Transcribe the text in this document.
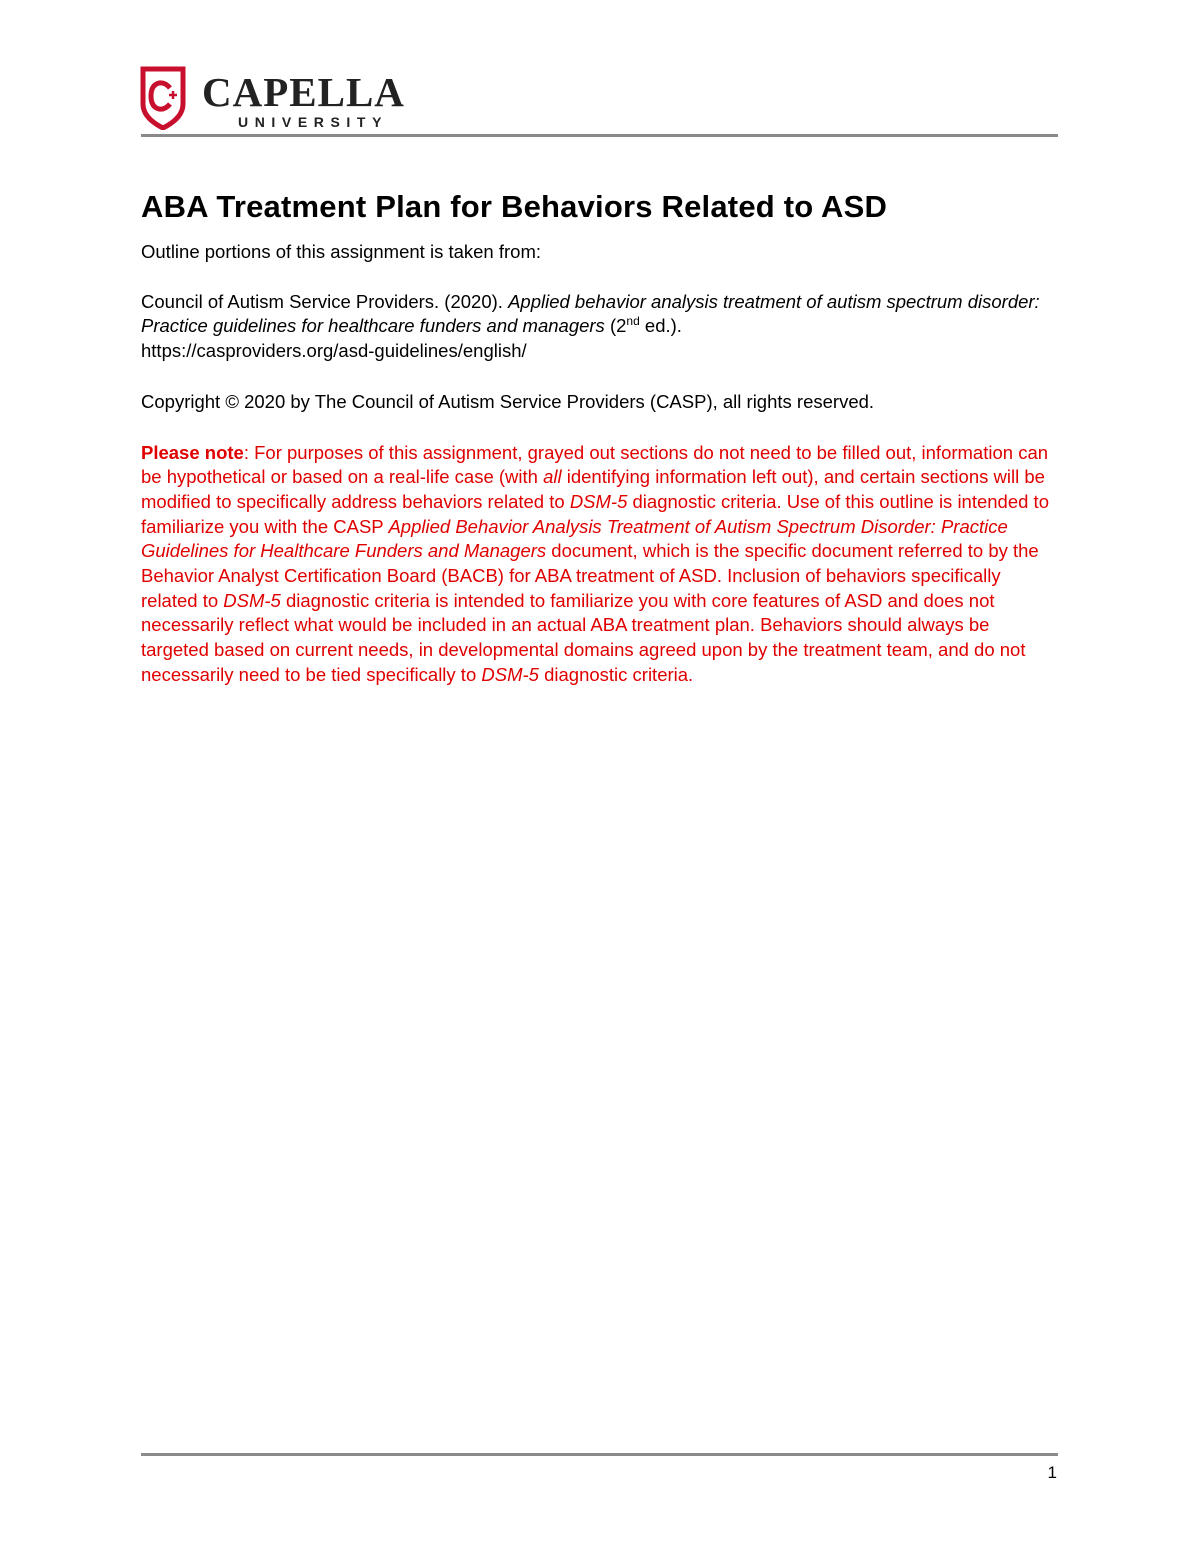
CAPELLA
UNIVERSITY
ABA Treatment Plan for Behaviors Related to ASD

Outline portions of this assignment is taken from:

Council of Autism Service Providers. (2020). Applied behavior analysis treatment of autism spectrum disorder: Practice guidelines for healthcare funders and managers (2nd ed.).
https://casproviders.org/asd-guidelines/english/

Copyright © 2020 by The Council of Autism Service Providers (CASP), all rights reserved.

Please note: For purposes of this assignment, grayed out sections do not need to be filled out, information can be hypothetical or based on a real-life case (with all identifying information left out), and certain sections will be modified to specifically address behaviors related to DSM-5 diagnostic criteria. Use of this outline is intended to familiarize you with the CASP Applied Behavior Analysis Treatment of Autism Spectrum Disorder: Practice Guidelines for Healthcare Funders and Managers document, which is the specific document referred to by the Behavior Analyst Certification Board (BACB) for ABA treatment of ASD. Inclusion of behaviors specifically related to DSM-5 diagnostic criteria is intended to familiarize you with core features of ASD and does not necessarily reflect what would be included in an actual ABA treatment plan. Behaviors should always be targeted based on current needs, in developmental domains agreed upon by the treatment team, and do not necessarily need to be tied specifically to DSM-5 diagnostic criteria.

1
